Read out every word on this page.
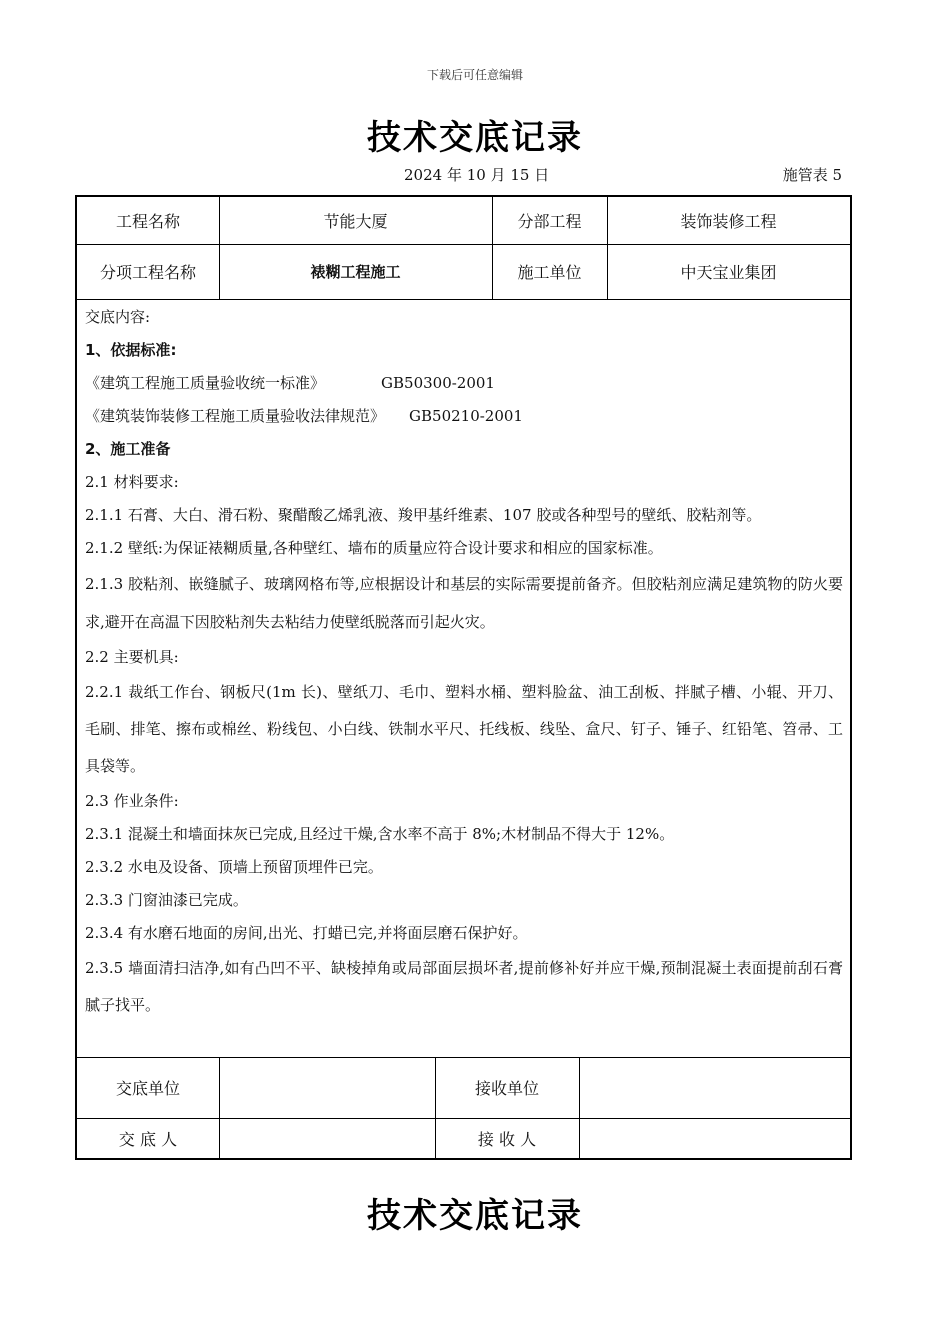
下载后可任意编辑
技术交底记录
2024 年 10 月 15 日	施管表 5
工程名称	节能大厦	分部工程	装饰装修工程
分项工程名称	裱糊工程施工	施工单位	中天宝业集团

交底内容:

1、依据标准:

《建筑工程施工质量验收统一标准》	GB50300-2001

《建筑装饰装修工程施工质量验收法律规范》 GB50210-2001

2、施工准备

2.1 材料要求:

2.1.1 石膏、大白、滑石粉、聚醋酸乙烯乳液、羧甲基纤维素、107 胶或各种型号的壁纸、胶粘剂等。

2.1.2 壁纸:为保证裱糊质量,各种壁红、墙布的质量应符合设计要求和相应的国家标准。

2.1.3 胶粘剂、嵌缝腻子、玻璃网格布等,应根据设计和基层的实际需要提前备齐。但胶粘剂应满足建筑物的防火要求,避开在高温下因胶粘剂失去粘结力使壁纸脱落而引起火灾。

2.2 主要机具:

2.2.1 裁纸工作台、钢板尺(1m 长)、壁纸刀、毛巾、塑料水桶、塑料脸盆、油工刮板、拌腻子槽、小辊、开刀、毛刷、排笔、擦布或棉丝、粉线包、小白线、铁制水平尺、托线板、线坠、盒尺、钉子、锤子、红铅笔、笤帚、工具袋等。

2.3 作业条件:

2.3.1 混凝土和墙面抹灰已完成,且经过干燥,含水率不高于 8%;木材制品不得大于 12%。

2.3.2 水电及设备、顶墙上预留顶埋件已完。

2.3.3 门窗油漆已完成。

2.3.4 有水磨石地面的房间,出光、打蜡已完,并将面层磨石保护好。

2.3.5 墙面清扫洁净,如有凸凹不平、缺棱掉角或局部面层损坏者,提前修补好并应干燥,预制混凝土表面提前刮石膏腻子找平。

交底单位	接收单位
交 底 人	接 收 人
技术交底记录
